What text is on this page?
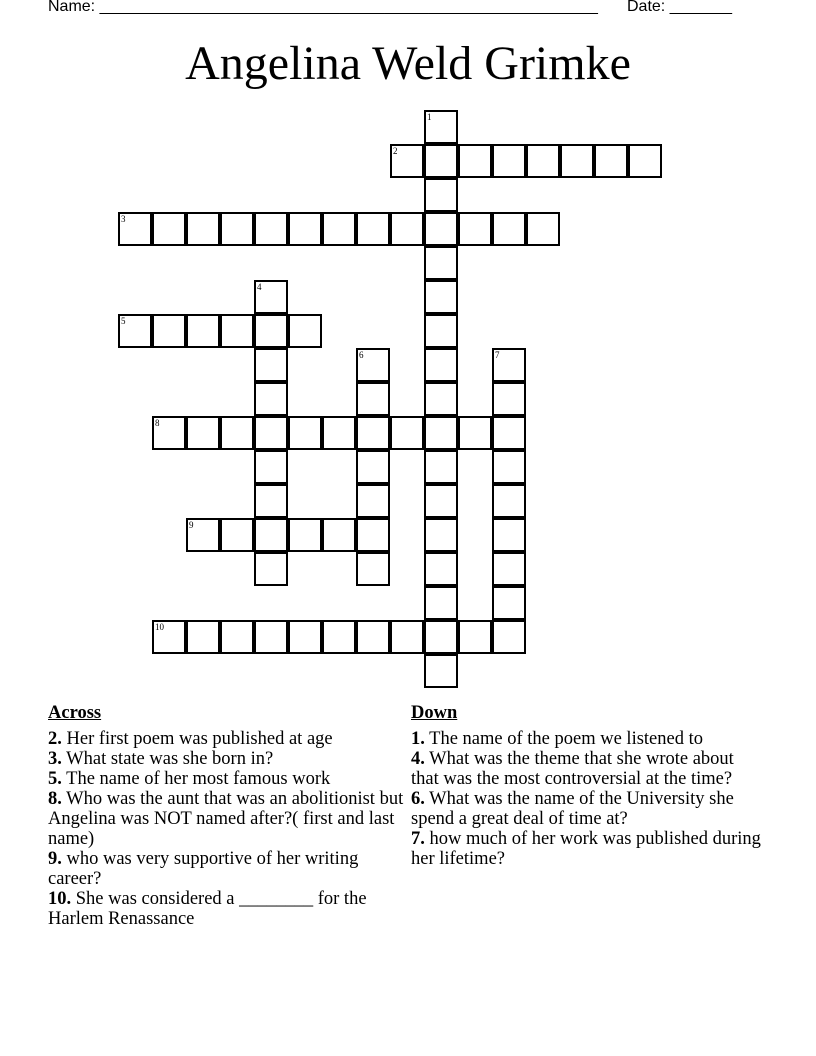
Name: ________________________________________________________ Date: _______
Angelina Weld Grimke
1
2
3
4
5
6	7
8
9
10
Across
2. Her first poem was published at age
3. What state was she born in?
5. The name of her most famous work
8. Who was the aunt that was an abolitionist but Angelina was NOT named after?( first and last name)
9. who was very supportive of her writing career?
10. She was considered a ________ for the Harlem Renassance
Down
1. The name of the poem we listened to
4. What was the theme that she wrote about that was the most controversial at the time?
6. What was the name of the University she spend a great deal of time at?
7. how much of her work was published during her lifetime?
